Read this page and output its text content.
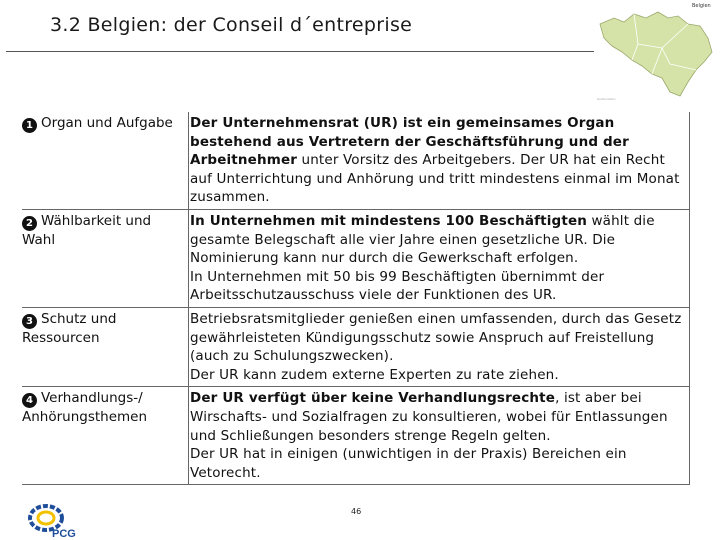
3.2 Belgien: der Conseil d´entreprise
Belgien
Kartendaten
1 Organ und Aufgabe	Der Unternehmensrat (UR) ist ein gemeinsames Organ bestehend aus Vertretern der Geschäftsführung und der Arbeitnehmer unter Vorsitz des Arbeitgebers. Der UR hat ein Recht auf Unterrichtung und Anhörung und tritt mindestens einmal im Monat zusammen.

2 Wählbarkeit und Wahl

In Unternehmen mit mindestens 100 Beschäftigten wählt die gesamte Belegschaft alle vier Jahre einen gesetzliche UR. Die Nominierung kann nur durch die Gewerkschaft erfolgen.

In Unternehmen mit 50 bis 99 Beschäftigten übernimmt der Arbeitsschutzausschuss viele der Funktionen des UR.

3 Schutz und Ressourcen

Betriebsratsmitglieder genießen einen umfassenden, durch das Gesetz gewährleisteten Kündigungsschutz sowie Anspruch auf Freistellung (auch zu Schulungszwecken).

Der UR kann zudem externe Experten zu rate ziehen.

4 Verhandlungs-/ Anhörungsthemen

Der UR verfügt über keine Verhandlungsrechte, ist aber bei Wirschafts- und Sozialfragen zu konsultieren, wobei für Entlassungen und Schließungen besonders strenge Regeln gelten.

Der UR hat in einigen (unwichtigen in der Praxis) Bereichen ein Vetorecht.

PCG
46
